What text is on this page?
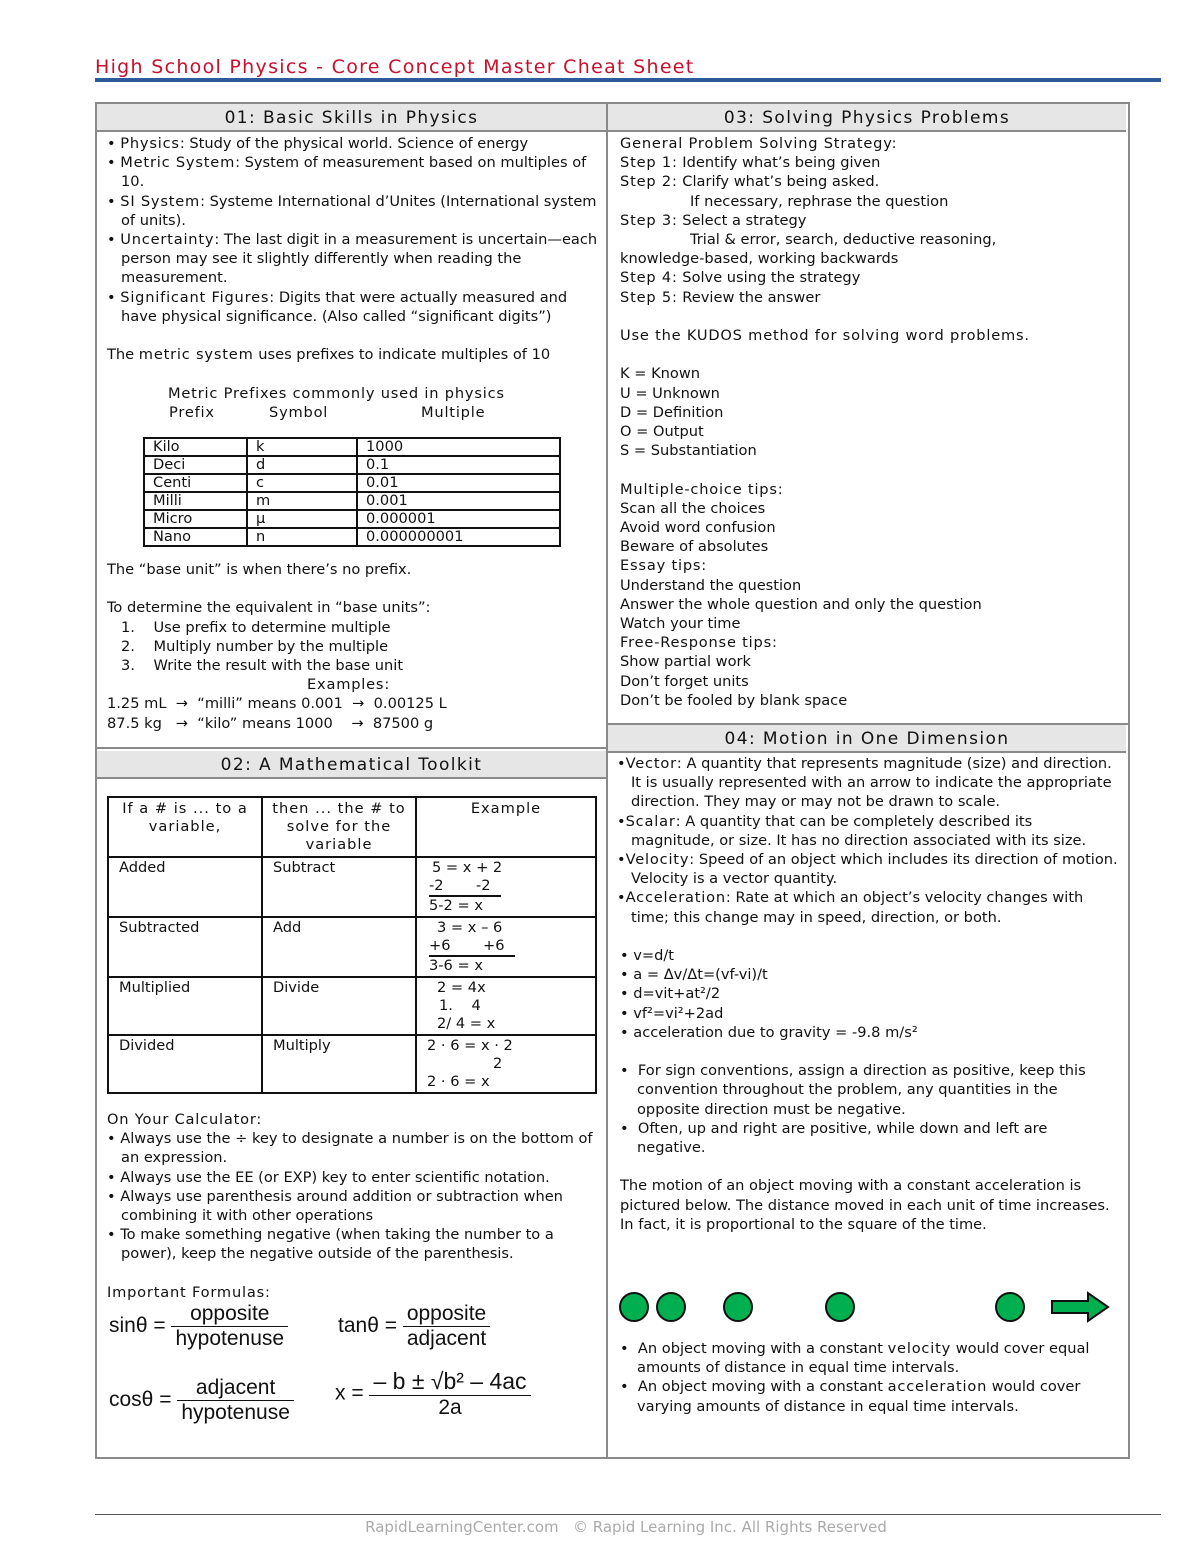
High School Physics - Core Concept Master Cheat Sheet
01: Basic Skills in Physics

• Physics: Study of the physical world. Science of energy

• Metric System: System of measurement based on multiples of 10.

• SI System: Systeme International d’Unites (International system of units).

• Uncertainty: The last digit in a measurement is uncertain—each person may see it slightly differently when reading the measurement.

• Significant Figures: Digits that were actually measured and have physical significance. (Also called “significant digits”)

The metric system uses prefixes to indicate multiples of 10

Metric Prefixes commonly used in physics

Prefix	Symbol	Multiple

Kilo	k	1000
Deci	d	0.1
Centi	c	0.01
Milli	m	0.001
Micro	µ	0.000001
Nano	n	0.000000001

The “base unit” is when there’s no prefix.

To determine the equivalent in “base units”:

1.    Use prefix to determine multiple

2.    Multiply number by the multiple

3.    Write the result with the base unit

Examples:

1.25 mL  →  “milli” means 0.001  →  0.00125 L

87.5 kg   →  “kilo” means 1000    →  87500 g

02: A Mathematical Toolkit
If a # is ... to a variable,	then ... the # to solve for the variable	Example
Added	Subtract	5 = x + 2
-2       -2
5-2 = x

Subtracted	Add	3 = x – 6
+6       +6
3-6 = x

Multiplied	Divide	2 = 4x
1.    4
2/ 4 = x

Divided	Multiply	2 · 6 = x · 2
2
2 · 6 = x

On Your Calculator:

• Always use the ÷ key to designate a number is on the bottom of an expression.

• Always use the EE (or EXP) key to enter scientific notation.

• Always use parenthesis around addition or subtraction when combining it with other operations

• To make something negative (when taking the number to a power), keep the negative outside of the parenthesis.

Important Formulas:

$\sin\theta = \frac{\text{opposite}}{\text{hypotenuse}}$ $\tan\theta = \frac{\text{opposite}}{\text{adjacent}}$
$\cos\theta = \frac{\text{adjacent}}{\text{hypotenuse}}$ $x = \frac{\text{– b ± √b² – 4ac}}{2a}$
03: Solving Physics Problems

General Problem Solving Strategy:

Step 1: Identify what’s being given

Step 2: Clarify what’s being asked.

If necessary, rephrase the question

Step 3: Select a strategy

Trial & error, search, deductive reasoning,

knowledge-based, working backwards

Step 4: Solve using the strategy

Step 5: Review the answer

Use the KUDOS method for solving word problems.

K = Known

U = Unknown

D = Definition

O = Output

S = Substantiation

Multiple-choice tips:

Scan all the choices

Avoid word confusion

Beware of absolutes

Essay tips:

Understand the question

Answer the whole question and only the question

Watch your time

Free-Response tips:

Show partial work

Don’t forget units

Don’t be fooled by blank space

04: Motion in One Dimension

•Vector: A quantity that represents magnitude (size) and direction. It is usually represented with an arrow to indicate the appropriate direction. They may or may not be drawn to scale.

•Scalar: A quantity that can be completely described its magnitude, or size. It has no direction associated with its size.

•Velocity: Speed of an object which includes its direction of motion. Velocity is a vector quantity.

•Acceleration: Rate at which an object’s velocity changes with time; this change may in speed, direction, or both.

• v=d/t

• a = Δv/Δt=(vf-vi)/t

• d=vit+at²/2

• vf²=vi²+2ad

• acceleration due to gravity = -9.8 m/s²

•  For sign conventions, assign a direction as positive, keep this convention throughout the problem, any quantities in the opposite direction must be negative.

•  Often, up and right are positive, while down and left are negative.

The motion of an object moving with a constant acceleration is pictured below. The distance moved in each unit of time increases. In fact, it is proportional to the square of the time.

•  An object moving with a constant velocity would cover equal amounts of distance in equal time intervals.

•  An object moving with a constant acceleration would cover varying amounts of distance in equal time intervals.

RapidLearningCenter.com © Rapid Learning Inc. All Rights Reserved
